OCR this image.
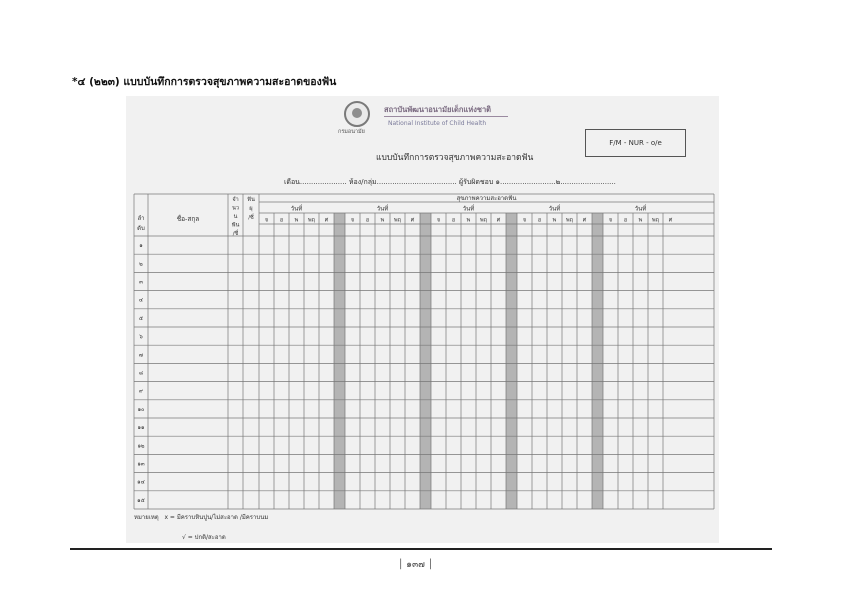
*๔ (๒๒๓) แบบบันทึกการตรวจสุขภาพความสะอาดของฟัน
กรมอนามัย
สถาบันพัฒนาอนามัยเด็กแห่งชาติ
National Institute of Child Health
F/M - NUR - o/e
แบบบันทึกการตรวจสุขภาพความสะอาดฟัน
เดือน..................... ห้อง/กลุ่ม.................................... ผู้รับผิดชอบ ๑.........................๒.........................
ลำ
ดับ
ชื่อ-สกุล
จำ
นว
น
ฟัน
/ซี่
ฟัน
ผุ
/ซี่
สุขภาพความสะอาดฟัน
วันที่
จ อ พ พฤ ศ
วันที่
จ อ พ พฤ ศ
วันที่
จ อ พ พฤ ศ
วันที่
จ อ พ พฤ ศ
วันที่
จ อ พ พฤ ศ
๑
๒
๓
๔
๕
๖
๗
๘
๙
๑๐
๑๑
๑๒
๑๓
๑๔
๑๕
หมายเหตุ x = มีคราบหินปูน/ไม่สะอาด /มีคราบนม
√ = ปกติ/สะอาด
│ ๑๓๗ │
